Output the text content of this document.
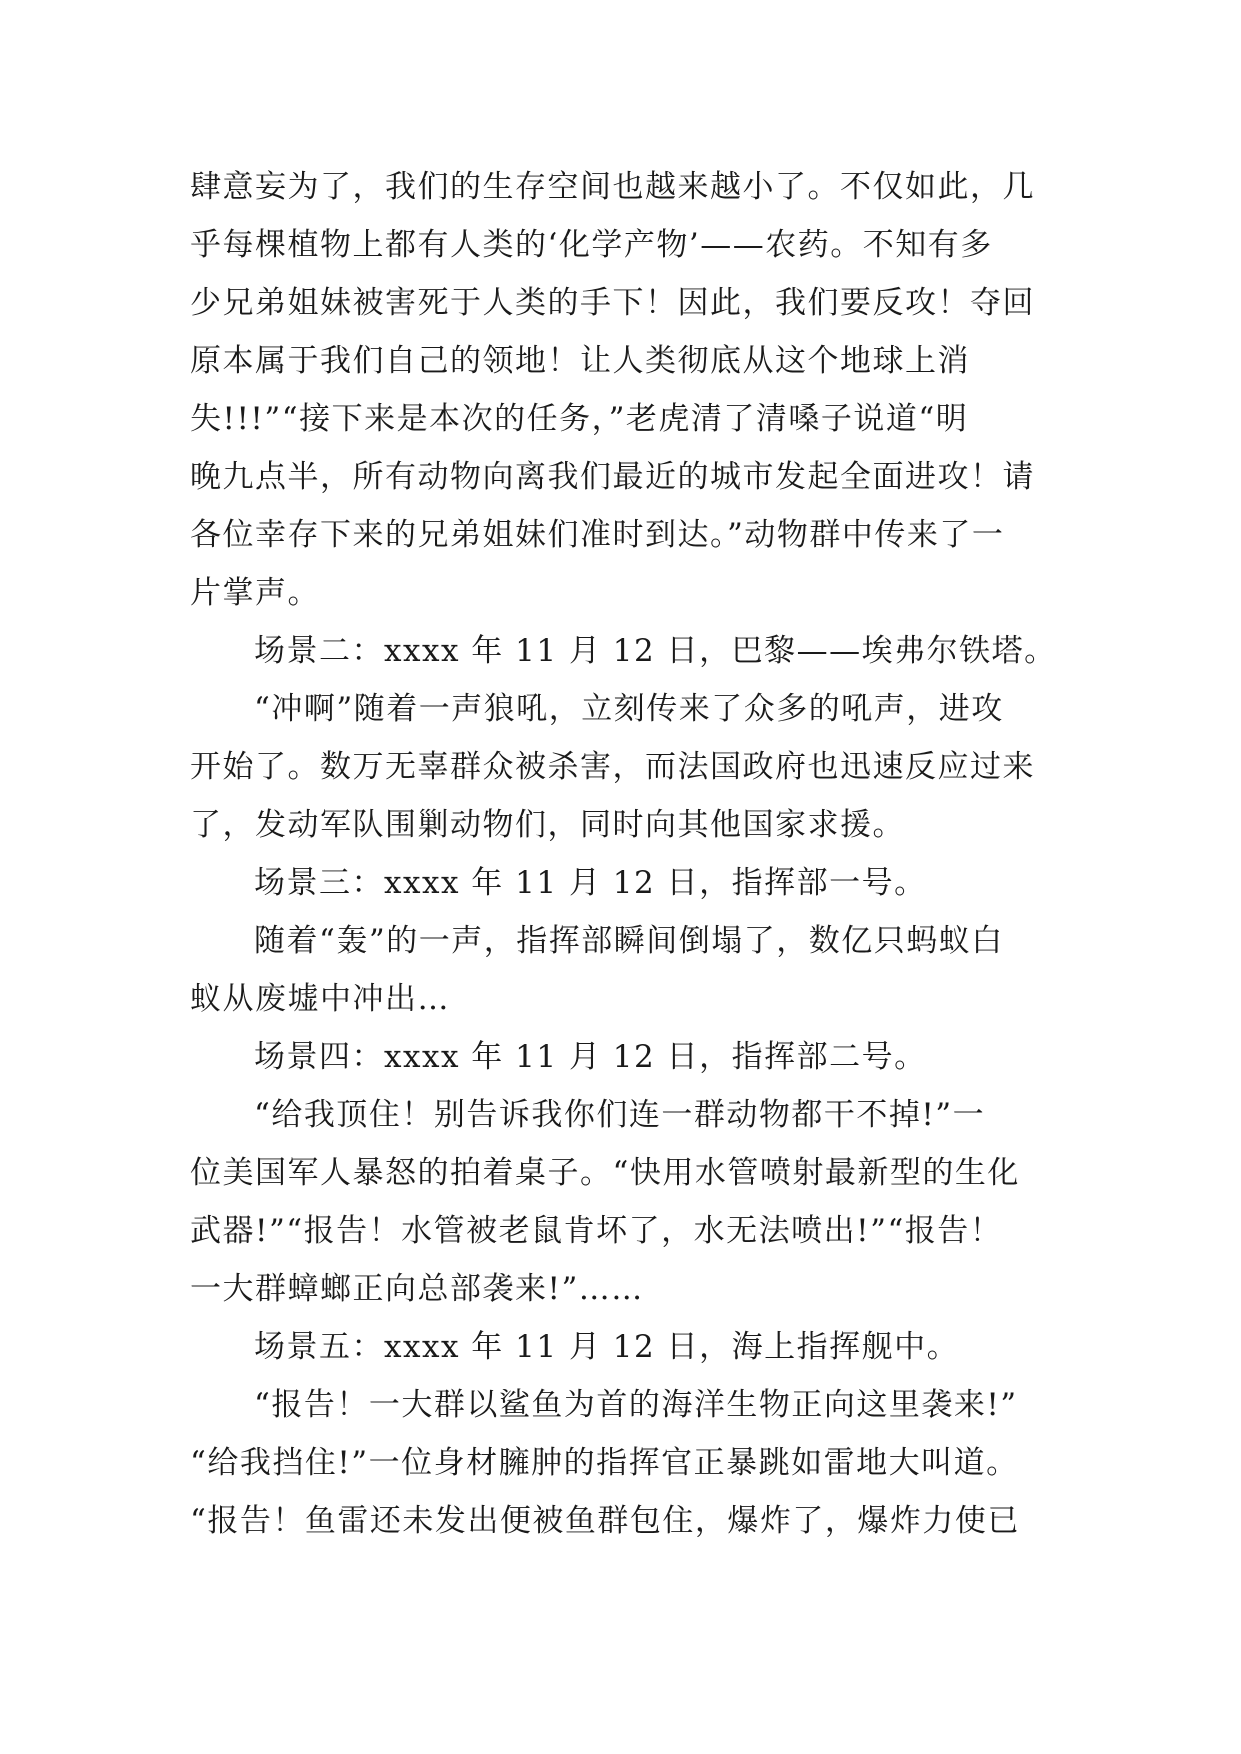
肆意妄为了，我们的生存空间也越来越小了。不仅如此，几
乎每棵植物上都有人类的‘化学产物’——农药。不知有多
少兄弟姐妹被害死于人类的手下！因此，我们要反攻！夺回
原本属于我们自己的领地！让人类彻底从这个地球上消
失!!!”“接下来是本次的任务，”老虎清了清嗓子说道“明
晚九点半，所有动物向离我们最近的城市发起全面进攻！请
各位幸存下来的兄弟姐妹们准时到达。”动物群中传来了一
片掌声。
场景二：xxxx 年 11 月 12 日，巴黎——埃弗尔铁塔。
“冲啊”随着一声狼吼，立刻传来了众多的吼声，进攻
开始了。数万无辜群众被杀害，而法国政府也迅速反应过来
了，发动军队围剿动物们，同时向其他国家求援。
场景三：xxxx 年 11 月 12 日，指挥部一号。
随着“轰”的一声，指挥部瞬间倒塌了，数亿只蚂蚁白
蚁从废墟中冲出…
场景四：xxxx 年 11 月 12 日，指挥部二号。
“给我顶住！别告诉我你们连一群动物都干不掉!”一
位美国军人暴怒的拍着桌子。“快用水管喷射最新型的生化
武器!”“报告！水管被老鼠肯坏了，水无法喷出!”“报告！
一大群蟑螂正向总部袭来!”……
场景五：xxxx 年 11 月 12 日，海上指挥舰中。
“报告！一大群以鲨鱼为首的海洋生物正向这里袭来!”
“给我挡住!”一位身材臃肿的指挥官正暴跳如雷地大叫道。
“报告！鱼雷还未发出便被鱼群包住，爆炸了，爆炸力使已
